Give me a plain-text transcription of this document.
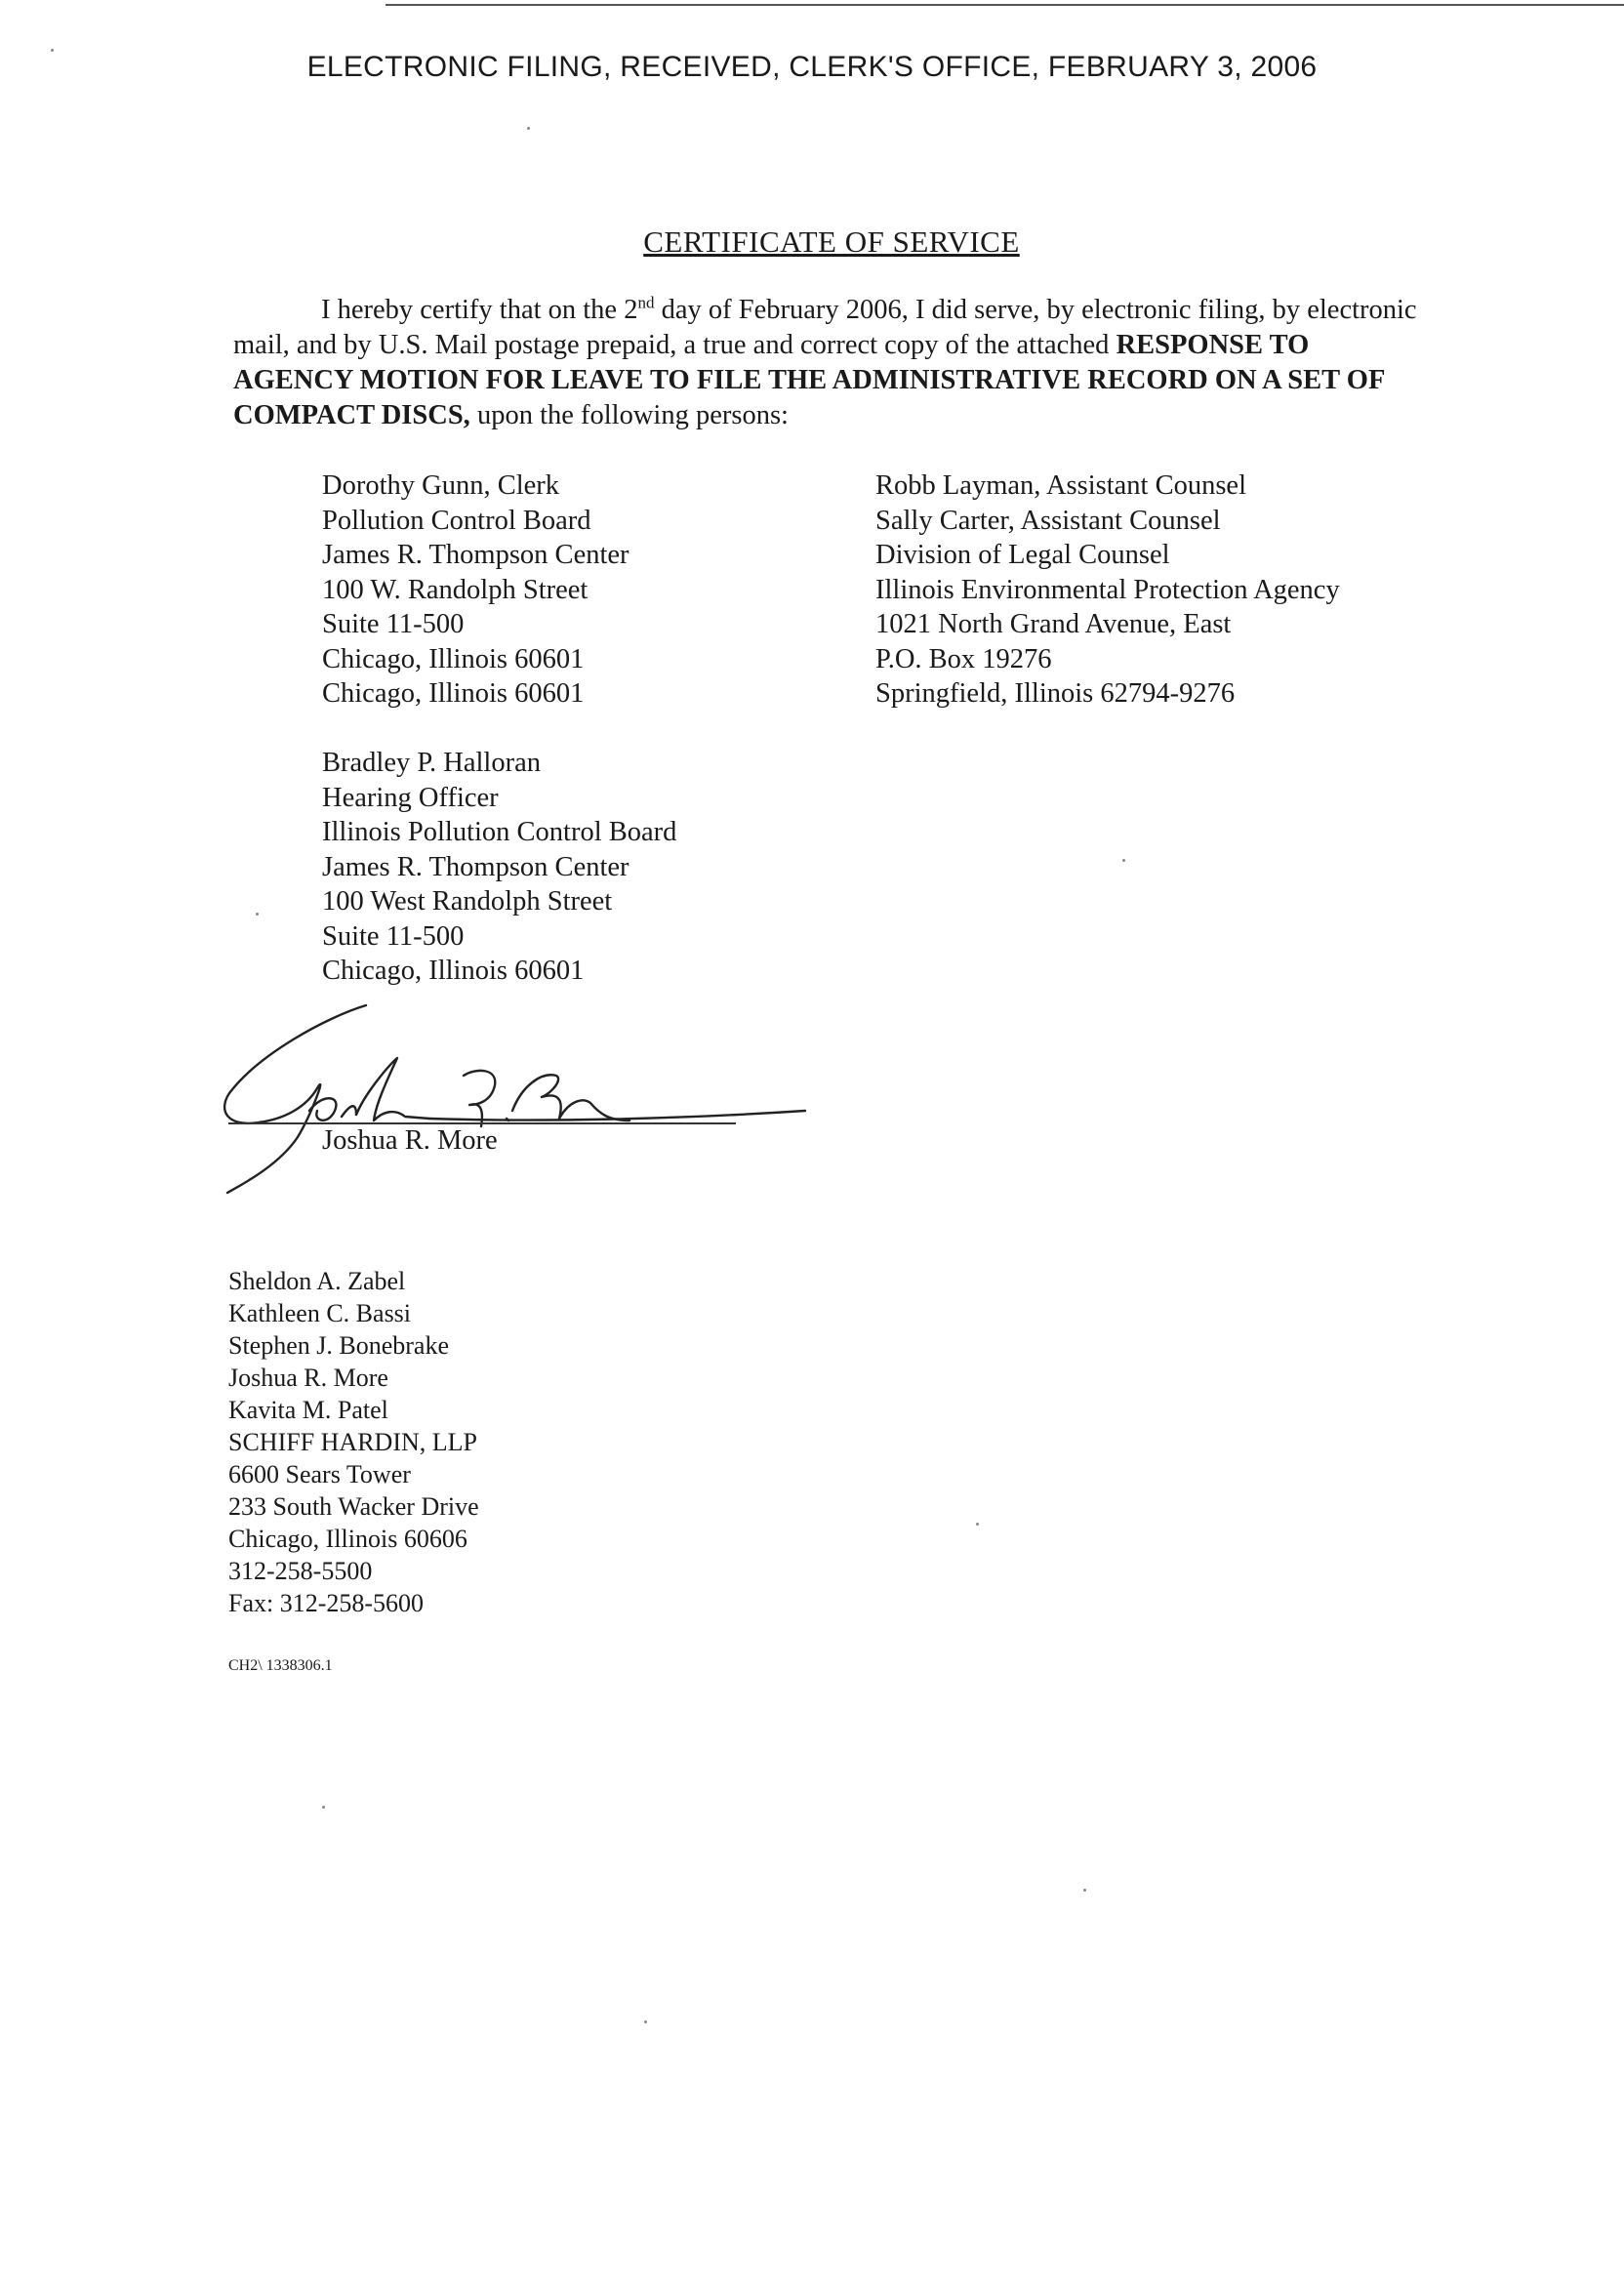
ELECTRONIC FILING, RECEIVED, CLERK'S OFFICE, FEBRUARY 3, 2006
CERTIFICATE OF SERVICE
I hereby certify that on the 2nd day of February 2006, I did serve, by electronic filing, by electronic mail, and by U.S. Mail postage prepaid, a true and correct copy of the attached RESPONSE TO AGENCY MOTION FOR LEAVE TO FILE THE ADMINISTRATIVE RECORD ON A SET OF COMPACT DISCS, upon the following persons:
Dorothy Gunn, Clerk
Pollution Control Board
James R. Thompson Center
100 W. Randolph Street
Suite 11-500
Chicago, Illinois 60601
Chicago, Illinois 60601
Robb Layman, Assistant Counsel
Sally Carter, Assistant Counsel
Division of Legal Counsel
Illinois Environmental Protection Agency
1021 North Grand Avenue, East
P.O. Box 19276
Springfield, Illinois 62794-9276
Bradley P. Halloran
Hearing Officer
Illinois Pollution Control Board
James R. Thompson Center
100 West Randolph Street
Suite 11-500
Chicago, Illinois 60601
Joshua R. More
Sheldon A. Zabel
Kathleen C. Bassi
Stephen J. Bonebrake
Joshua R. More
Kavita M. Patel
SCHIFF HARDIN, LLP
6600 Sears Tower
233 South Wacker Drive
Chicago, Illinois 60606
312-258-5500
Fax: 312-258-5600
CH2\ 1338306.1
